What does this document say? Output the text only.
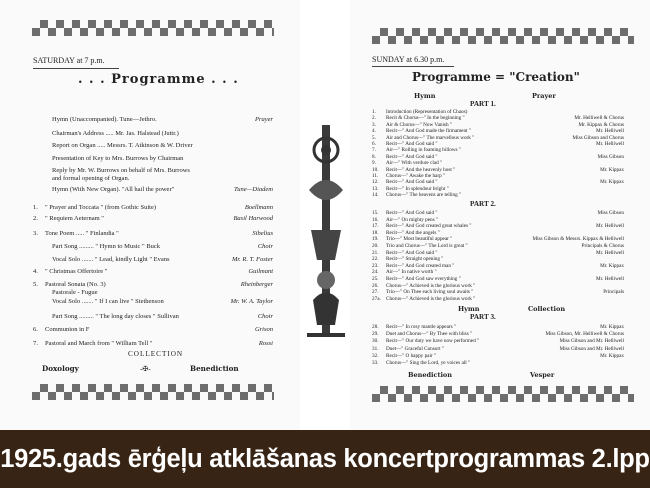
SATURDAY at 7 p.m.
. . . Programme . . .
Hymn (Unaccompanied). Tune—Jethro.	Prayer
Chairman's Address ..... Mr. Jas. Halstead (Juttr.)
Report on Organ ..... Messrs. T. Atkinson & W. Driver
Presentation of Key to Mrs. Burrows by Chairman
Reply by Mr. W. Burrows on behalf of Mrs. Burrows
and formal opening of Organ.
Hymn (With New Organ). "All hail the power"	Tune—Diadem
1. " Prayer and Toccata " (from Gothic Suite)	Boellmann
2. " Requiem Aeternam "	Basil Harwood
3. Tone Poem ..... " Finlandia "	Sibelius
Part Song ......... " Hymn to Music " Buck	Choir
Vocal Solo ....... " Lead, kindly Light " Evans	Mr. R. T. Foster
4. " Christmas Offertoire "	Guilmant
5. Pastoral Sonata (No. 3)	Rheinberger
Pastorale - Fugue
Vocal Solo ....... " If I can live " Stethenson	Mr. W. A. Taylor
Part Song ......... " The long day closes " Sullivan	Choir
6. Communion in F	Grison
7. Pastoral and March from " William Tell "	Rossi
COLLECTION
Doxology	-✠-	Benediction
SUNDAY at 6.30 p.m.
Programme = "Creation"
Hymn	Prayer
PART 1.
PART 2.
Hymn	Collection
PART 3.
Benediction	Vesper
1. Introduction (Representation of Chaos)
2. Recit & Chorus—" In the beginning "	Mr. Helliwell & Chorus
3. Air & Chorus—" Now Vanish "	Mr. Kippax & Chorus
4. Recit—" And God made the firmament "	Mr. Helliwell
5. Air and Chorus—" The marvellous work "	Miss Gibson and Chorus
6. Recit—" And God said "	Mr. Helliwell
7. Air—" Rolling in foaming billows "
8. Recit—" And God said "	Miss Gibson
9. Air—" With verdure clad "
10. Recit—" And the heavenly host "	Mr. Kippax
11. Chorus—" Awake the harp "
12. Recit—" And God said "	Mr. Kippax
13. Recit—" In splendour bright "
14. Chorus—" The heavens are telling "
15. Recit—" And God said "	Miss Gibson
16. Air—" On mighty pens "
17. Recit—" And God created great whales "	Mr. Helliwell
18. Recit—" And the angels "
19. Trio—" Most beautiful appear "	Miss Gibson & Messrs. Kippax & Helliwell
20. Trio and Chorus—" The Lord is great "	Principals & Chorus
21. Recit—" And God said "	Mr. Helliwell
22. Recit—" Straight opening "
23. Recit—" And God created man "	Mr. Kippax
24. Air—" In native worth "
25. Recit—" And God saw everything "	Mr. Helliwell
26. Chorus—" Achieved is the glorious work "
27. Trio—" On Thee each living soul awaits "	Principals
27a. Chorus—" Achieved is the glorious work "
28. Recit—" In rosy mantle appears "	Mr. Kippax
29. Duet and Chorus—" By Thee with bliss "	Miss Gibson, Mr. Helliwell & Chorus
30. Recit—" Our duty we have now performed "	Miss Gibson and Mr. Helliwell
31. Duet—" Graceful Consort "	Miss Gibson and Mr. Helliwell
32. Recit—" O happy pair "	Mr. Kippax
33. Chorus—" Sing the Lord, ye voices all "
1925.gads ērģeļu atklāšanas koncertprogrammas 2.lpp
